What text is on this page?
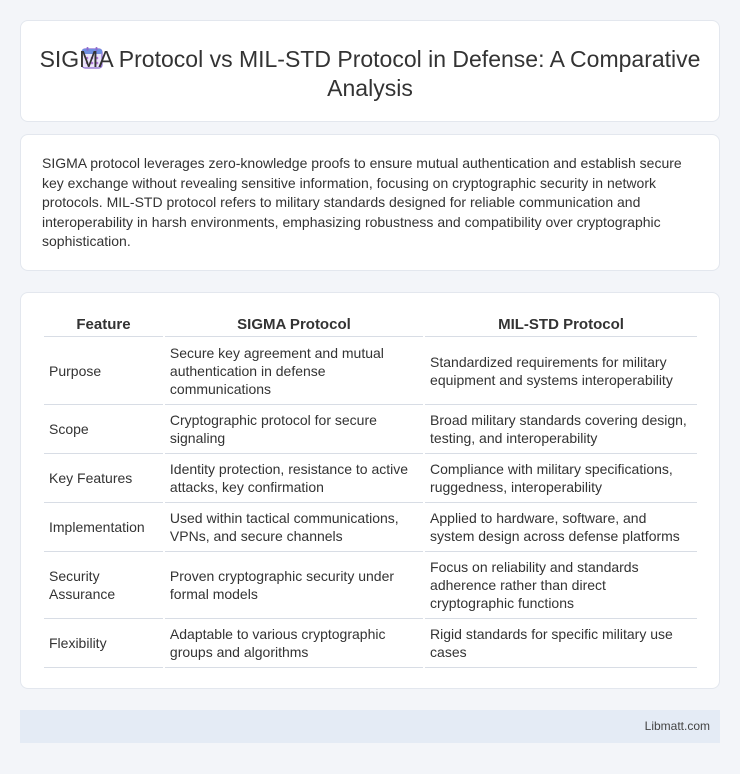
SIGMA Protocol vs MIL-STD Protocol in Defense: A Comparative Analysis

SIGMA protocol leverages zero-knowledge proofs to ensure mutual authentication and establish secure key exchange without revealing sensitive information, focusing on cryptographic security in network protocols. MIL-STD protocol refers to military standards designed for reliable communication and interoperability in harsh environments, emphasizing robustness and compatibility over cryptographic sophistication.

Feature	SIGMA Protocol	MIL-STD Protocol
Purpose	Secure key agreement and mutual authentication in defense communications	Standardized requirements for military equipment and systems interoperability
Scope	Cryptographic protocol for secure signaling	Broad military standards covering design, testing, and interoperability
Key Features	Identity protection, resistance to active attacks, key confirmation	Compliance with military specifications, ruggedness, interoperability
Implementation	Used within tactical communications, VPNs, and secure channels	Applied to hardware, software, and system design across defense platforms
Security Assurance	Proven cryptographic security under formal models	Focus on reliability and standards adherence rather than direct cryptographic functions
Flexibility	Adaptable to various cryptographic groups and algorithms	Rigid standards for specific military use cases
Libmatt.com
